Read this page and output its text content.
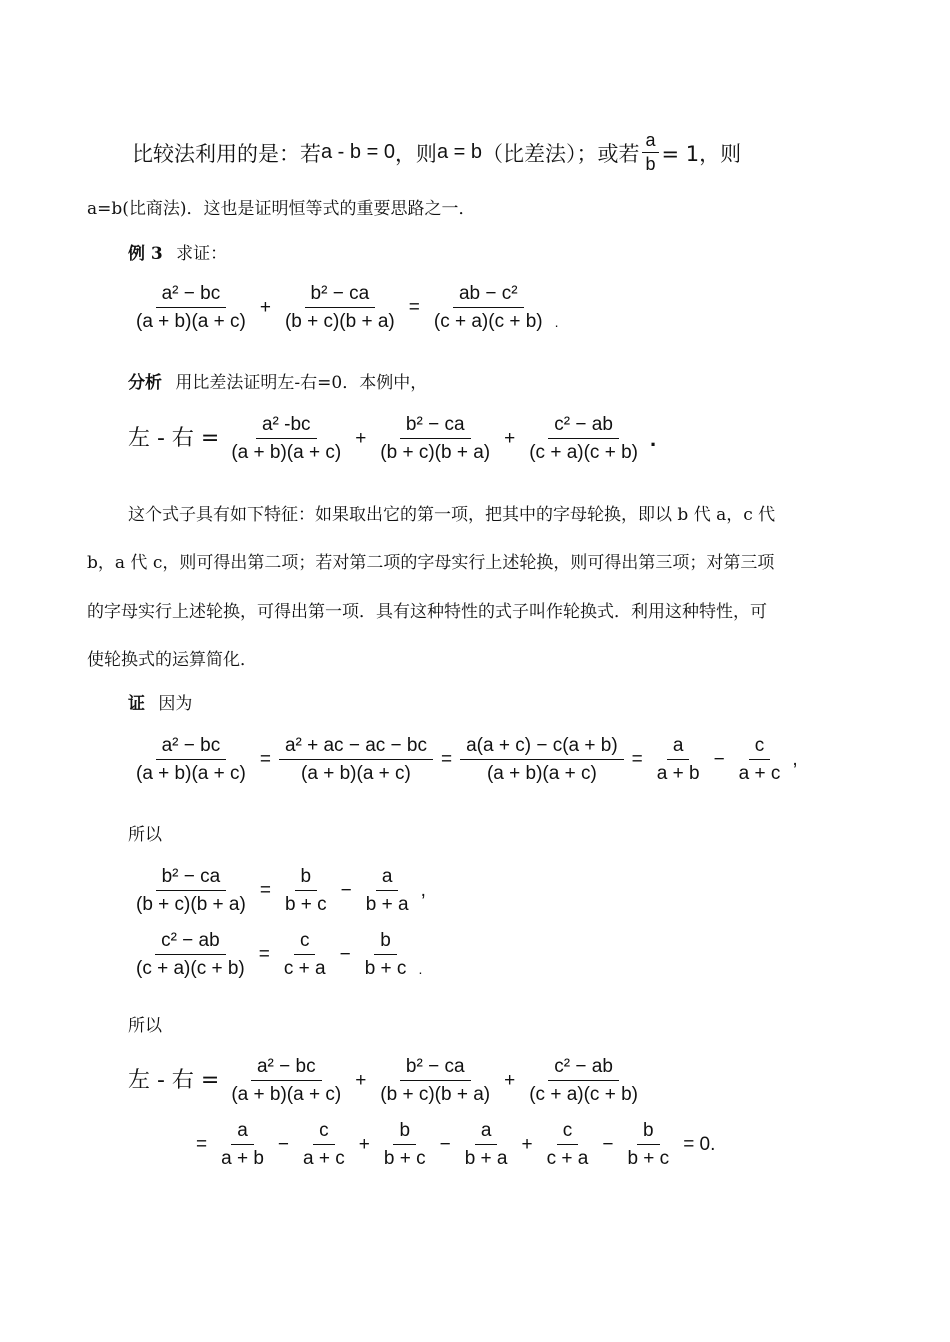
比较法利用的是：若 a - b = 0 ，则 a = b （比差法）；或若 $\frac{a}{b} = 1$，则
a=b(比商法)．这也是证明恒等式的重要思路之一．
例 3 求证：
$\frac{\text{a² − bc}}{(a + b)(a + c)} + \frac{\text{b² − ca}}{(b + c)(b + a)} = \frac{\text{ab − c²}}{(c + a)(c + b)}$ .
分析 用比差法证明左-右=0．本例中，
左 - 右 = $\frac{\text{a² -bc}}{(a + b)(a + c)} + \frac{\text{b² − ca}}{(b + c)(b + a)} + \frac{\text{c² − ab}}{(c + a)(c + b)}$ .
这个式子具有如下特征：如果取出它的第一项，把其中的字母轮换，即以 b 代 a，c 代
b，a 代 c，则可得出第二项；若对第二项的字母实行上述轮换，则可得出第三项；对第三项
的字母实行上述轮换，可得出第一项．具有这种特性的式子叫作轮换式．利用这种特性，可
使轮换式的运算简化．
证 因为
$\frac{\text{a² − bc}}{(a + b)(a + c)} = \frac{\text{a² + ac − ac − bc}}{(a + b)(a + c)} = \frac{a(a + c) - c(a + b)}{(a + b)(a + c)} = \frac{a}{a + b} - \frac{c}{a + c}$ ,
所以
$\frac{\text{b² − ca}}{(b + c)(b + a)} = \frac{b}{b + c} - \frac{a}{b + a}$ ,
$\frac{\text{c² − ab}}{(c + a)(c + b)} = \frac{c}{c + a} - \frac{b}{b + c}$ .
所以
左 - 右 = $\frac{\text{a² − bc}}{(a + b)(a + c)} + \frac{\text{b² − ca}}{(b + c)(b + a)} + \frac{\text{c² − ab}}{(c + a)(c + b)}$
= $\frac{a}{a + b} - \frac{c}{a + c} + \frac{b}{b + c} - \frac{a}{b + a} + \frac{c}{c + a} - \frac{b}{b + c} = 0$.
